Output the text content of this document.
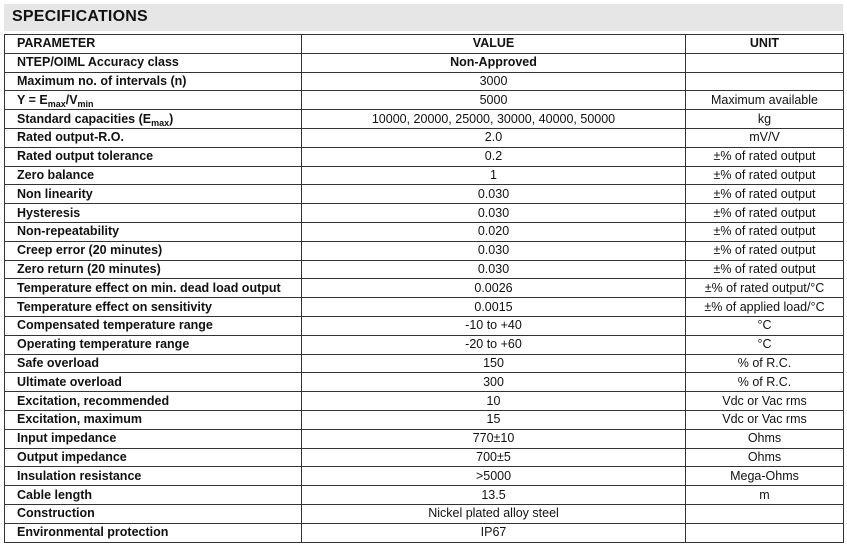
SPECIFICATIONS
PARAMETER	VALUE	UNIT
NTEP/OIML Accuracy class	Non-Approved	
Maximum no. of intervals (n)	3000	
$Y = E_{max}/V_{min}$	5000	Maximum available
Standard capacities $(E_{max})$	10000, 20000, 25000, 30000, 40000, 50000	kg
Rated output-R.O.	2.0	mV/V
Rated output tolerance	0.2	±% of rated output
Zero balance	1	±% of rated output
Non linearity	0.030	±% of rated output
Hysteresis	0.030	±% of rated output
Non-repeatability	0.020	±% of rated output
Creep error (20 minutes)	0.030	±% of rated output
Zero return (20 minutes)	0.030	±% of rated output
Temperature effect on min. dead load output	0.0026	±% of rated output/°C
Temperature effect on sensitivity	0.0015	±% of applied load/°C
Compensated temperature range	-10 to +40	°C
Operating temperature range	-20 to +60	°C
Safe overload	150	% of R.C.
Ultimate overload	300	% of R.C.
Excitation, recommended	10	Vdc or Vac rms
Excitation, maximum	15	Vdc or Vac rms
Input impedance	770±10	Ohms
Output impedance	700±5	Ohms
Insulation resistance	>5000	Mega-Ohms
Cable length	13.5	m
Construction	Nickel plated alloy steel	
Environmental protection	IP67	
